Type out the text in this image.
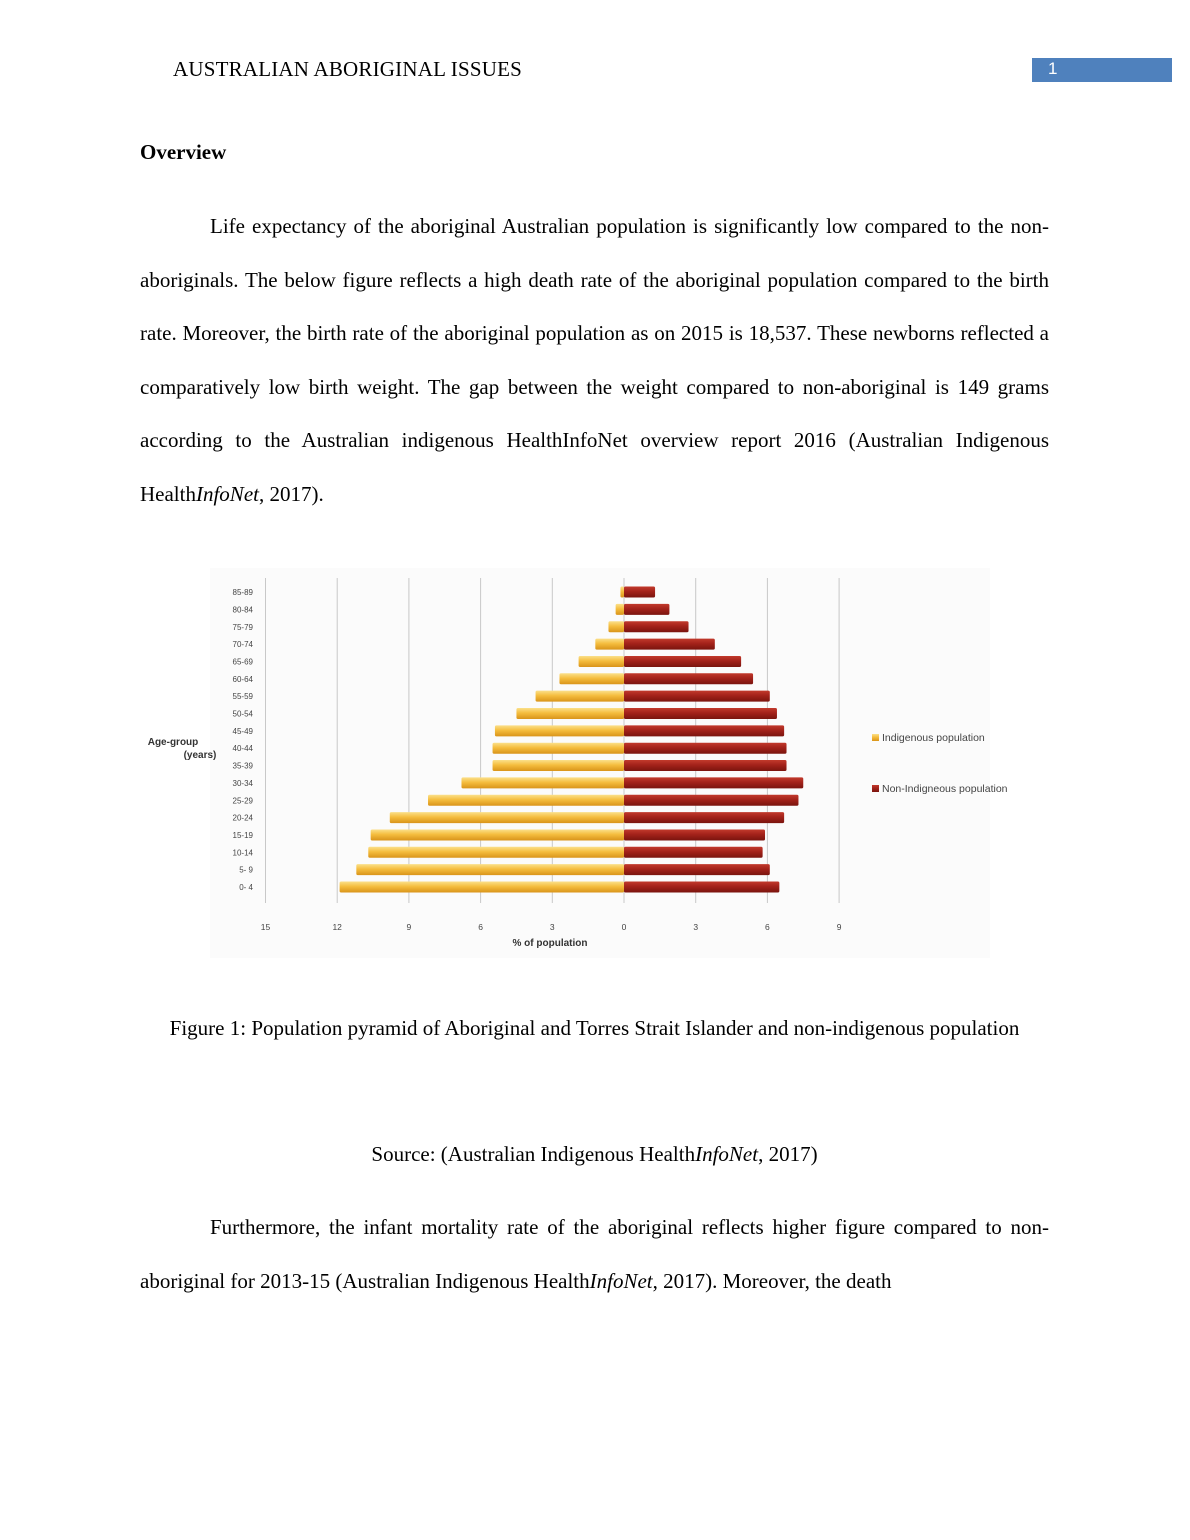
AUSTRALIAN ABORIGINAL ISSUES	1
Overview

Life expectancy of the aboriginal Australian population is significantly low compared to the non-aboriginals. The below figure reflects a high death rate of the aboriginal population compared to the birth rate. Moreover, the birth rate of the aboriginal population as on 2015 is 18,537. These newborns reflected a comparatively low birth weight. The gap between the weight compared to non-aboriginal is 149 grams according to the Australian indigenous HealthInfoNet overview report 2016 (Australian Indigenous HealthInfoNet, 2017).

0- 4
5- 9
10-14
15-19
20-24
25-29
30-34
35-39
40-44
45-49
50-54
55-59
60-64
65-69
70-74
75-79
80-84
85-89
15	12	9	6	3	0	3	6	9
Age-group
(years)
% of population
Indigenous population
Non-Indigneous population

Figure 1: Population pyramid of Aboriginal and Torres Strait Islander and non-indigenous population

Source: (Australian Indigenous HealthInfoNet, 2017)

Furthermore, the infant mortality rate of the aboriginal reflects higher figure compared to non-aboriginal for 2013-15 (Australian Indigenous HealthInfoNet, 2017). Moreover, the death
